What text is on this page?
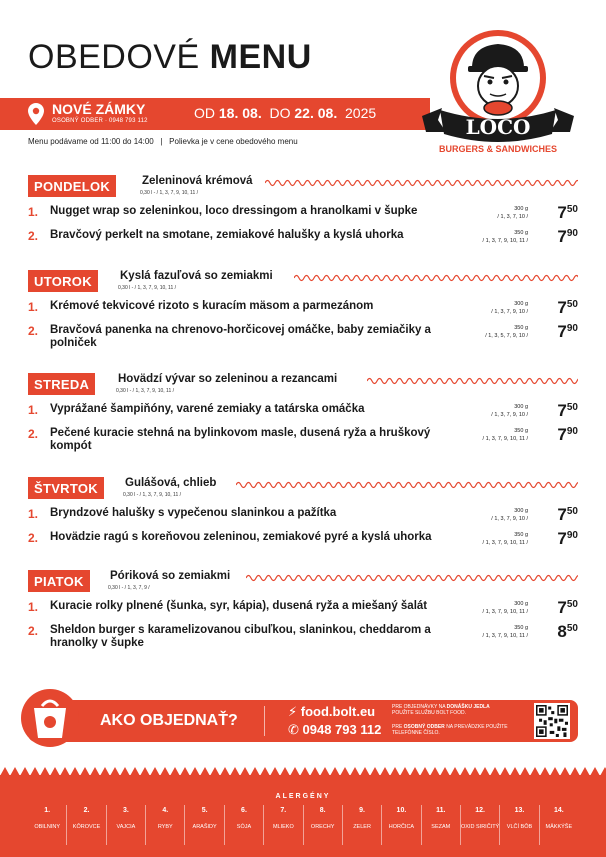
OBEDOVÉ MENU
NOVÉ ZÁMKY
OSOBNÝ ODBER · 0948 793 112	OD 18. 08. DO 22. 08. 2025
Menu podávame od 11:00 do 14:00 | Polievka je v cene obedového menu
LOCO
BURGERS & SANDWICHES
PONDELOK	Zeleninová krémová
0,30 l - / 1, 3, 7, 9, 10, 11 /
1. Nugget wrap so zeleninkou, loco dressingom a hranolkami v šupke	300 g
/ 1, 3, 7, $10 / 7^{50}$
2. Bravčový perkelt na smotane, zemiakové halušky a kyslá uhorka	350 g
/ 1, 3, 7, 9, 10, $11 / 7^{90}$
UTOROK	Kyslá fazuľová so zemiakmi
0,30 l - / 1, 3, 7, 9, 10, 11 /
1. Krémové tekvicové rizoto s kuracím mäsom a parmezánom	300 g
/ 1, 3, 7, 9, $10 / 7^{50}$
2. Bravčová panenka na chrenovo-horčicovej omáčke, baby zemiačiky a polniček
350 g
/ 1, 3, 5, 7, 9, $10 / 7^{90}$
STREDA	Hovädzí vývar so zeleninou a rezancami
0,30 l - / 1, 3, 7, 9, 10, 11 /
1. Vyprážané šampiňóny, varené zemiaky a tatárska omáčka	300 g
/ 1, 3, 7, 9, $10 / 7^{50}$
2. Pečené kuracie stehná na bylinkovom masle, dusená ryža a hruškový kompót
350 g
/ 1, 3, 7, 9, 10, $11 / 7^{90}$
ŠTVRTOK	Gulášová, chlieb
0,30 l - / 1, 3, 7, 9, 10, 11 /
1. Bryndzové halušky s vypečenou slaninkou a pažítka	300 g
/ 1, 3, 7, 9, $10 / 7^{50}$
2. Hovädzie ragú s koreňovou zeleninou, zemiakové pyré a kyslá uhorka	350 g
/ 1, 3, 7, 9, 10, $11 / 7^{90}$
PIATOK	Póriková so zemiakmi
0,30 l - / 1, 3, 7, 9 /
1. Kuracie rolky plnené (šunka, syr, kápia), dusená ryža a miešaný šalát	300 g
/ 1, 3, 7, 9, 10, $11 / 7^{50}$
2. Sheldon burger s karamelizovanou cibuľkou, slaninkou, cheddarom a hranolky v šupke
350 g
/ 1, 3, 7, 9, 10, $11 / 8^{50}$
AKO OBJEDNAŤ?
⚡ food.bolt.eu	PRE OBJEDNÁVKY NA DONÁŠKU JEDLA
POUŽITE SLUŽBU BOLT FOOD.
✆ 0948 793 112 PRE OSOBNÝ ODBER NA PREVÁDZKE POUŽITE TELEFÓNNE ČÍSLO.
ALERGÉNY
1.
OBILNINY
2.
KÔROVCE
3.
VAJCIA
4.
RYBY
5.
ARAŠIDY
6.
SÓJA
7.
MLIEKO
8.
ORECHY
9.
ZELER
10.
HORČICA
11.
SEZAM
12.
OXID SIRIČITÝ
13.
VLČÍ BÔB
14.
MÄKKÝŠE
